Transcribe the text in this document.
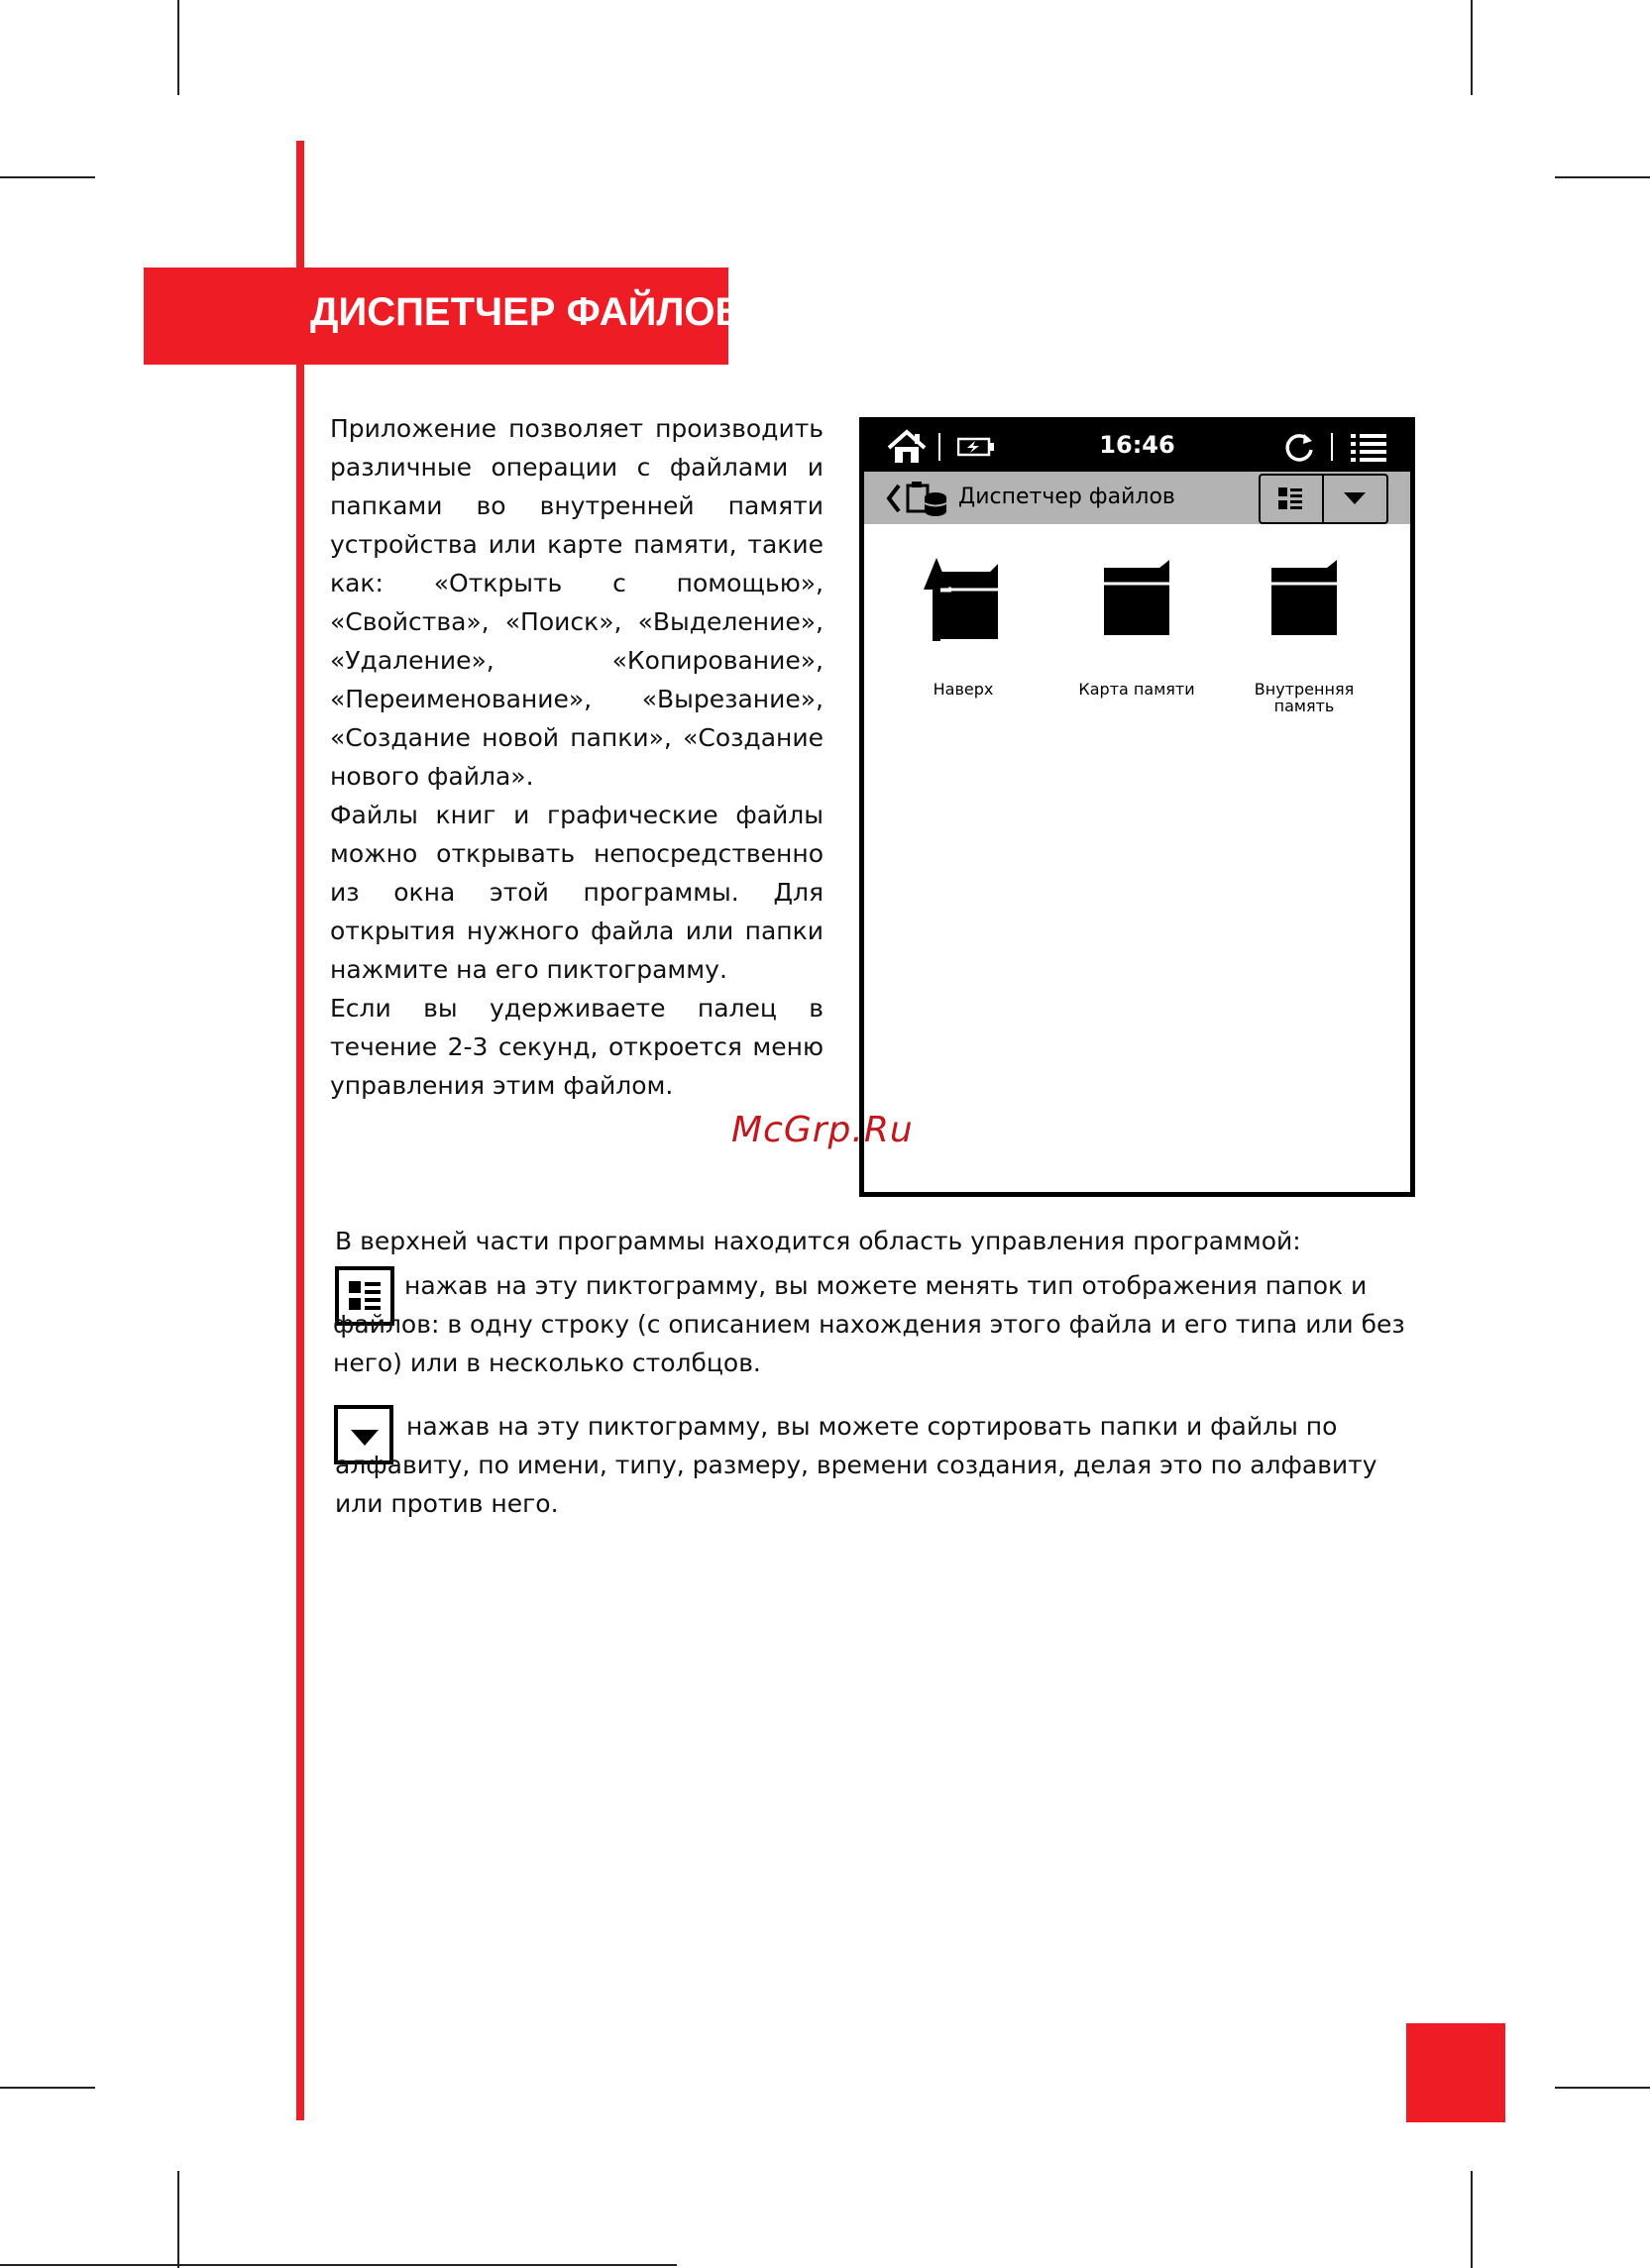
ДИСПЕТЧЕР ФАЙЛОВ

Приложение позволяет производить различные операции с файлами и папками во внутренней памяти устройства или карте памяти, такие как: «Открыть с помощью», «Свойства», «Поиск», «Выделение», «Удаление», «Копирование», «Переименование», «Вырезание», «Создание новой папки», «Создание нового файла».

Файлы книг и графические файлы можно открывать непосредственно из окна этой программы. Для открытия нужного файла или папки нажмите на его пиктограмму.

Если вы удерживаете палец в течение 2-3 секунд, откроется меню управления этим файлом.

16:46
Диспетчер файлов
Наверх	Карта памяти	Внутренняя память
McGrp.Ru

В верхней части программы находится область управления программой:

нажав на эту пиктограмму, вы можете менять тип отображения папок и файлов: в одну строку (с описанием нахождения этого файла и его типа или без него) или в несколько столбцов.
нажав на эту пиктограмму, вы можете сортировать папки и файлы по алфавиту, по имени, типу, размеру, времени создания, делая это по алфавиту или против него.
